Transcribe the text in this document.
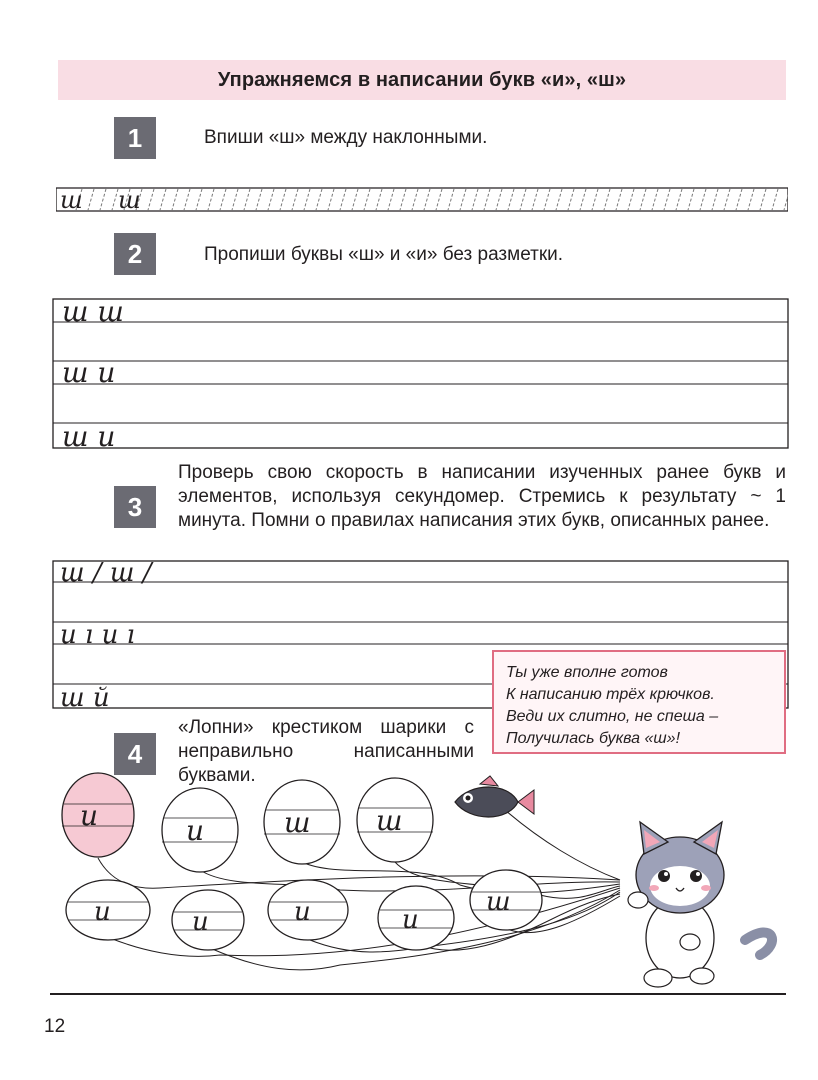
Упражняемся в написании букв «и», «ш»
1	Впиши «ш» между наклонными.
ш ш
2	Пропиши буквы «ш» и «и» без разметки.
ш ш
ш и
ш и
3
Проверь свою скорость в написании изученных ранее букв и элементов, используя секундомер. Стремись к результату ~ 1 минута. Помни о правилах написания этих букв, описанных ранее.
ш / ш /
и ı и ı
ш й
Ты уже вполне готов
К написанию трёх крючков.
Веди их слитно, не спеша –
Получилась буква «ш»!
4
«Лопни» крестиком шарики с неправильно написанными буквами.
и	и	ш ш
и	и	и	и
ш
12
